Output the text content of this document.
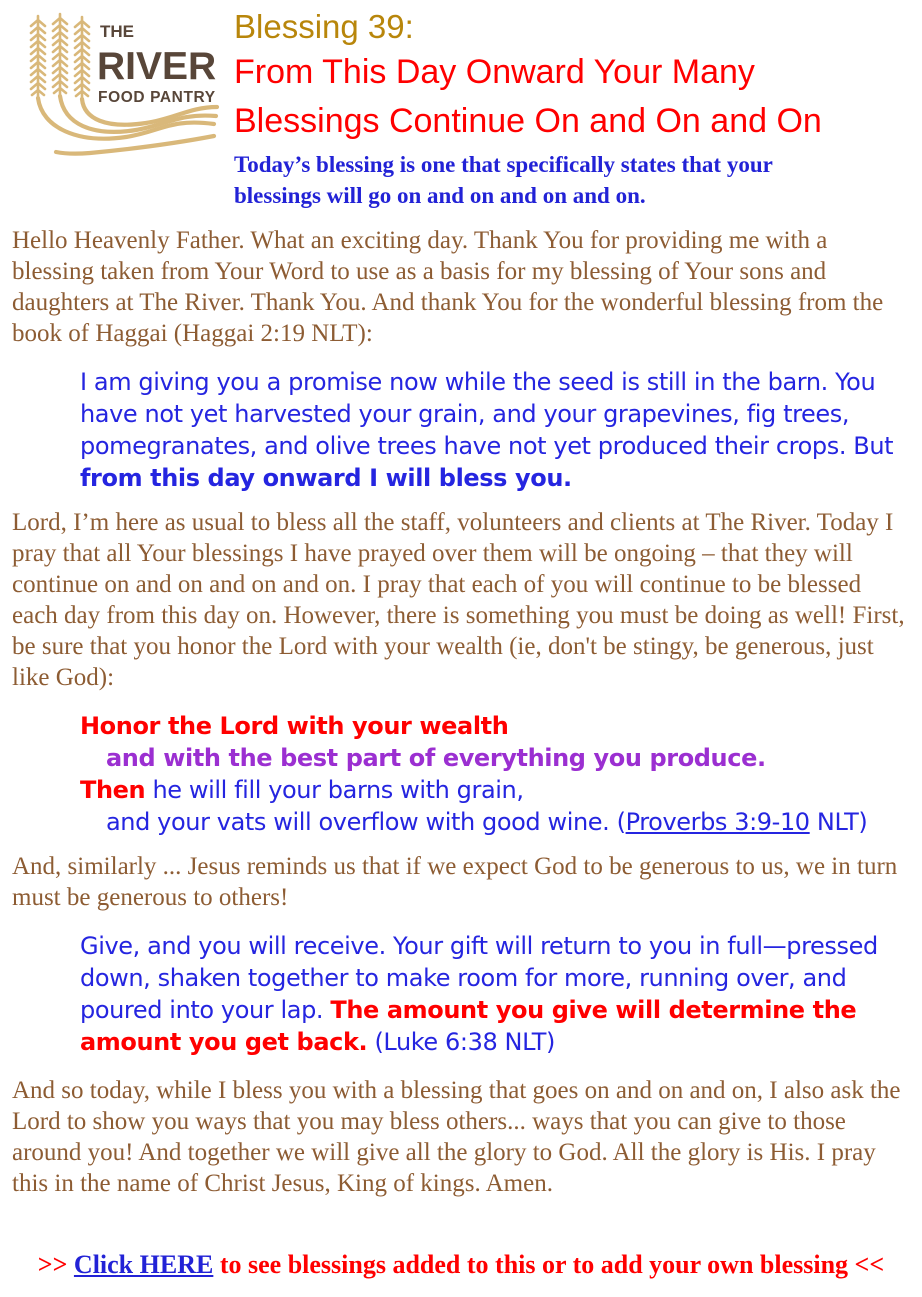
THE
RIVER
FOOD PANTRY
Blessing 39:
From This Day Onward Your Many
Blessings Continue On and On and On
Today’s blessing is one that specifically states that your
blessings will go on and on and on and on.

Hello Heavenly Father. What an exciting day. Thank You for providing me with a blessing taken from Your Word to use as a basis for my blessing of Your sons and daughters at The River. Thank You. And thank You for the wonderful blessing from the book of Haggai (Haggai 2:19 NLT):

I am giving you a promise now while the seed is still in the barn. You have not yet harvested your grain, and your grapevines, fig trees, pomegranates, and olive trees have not yet produced their crops. But from this day onward I will bless you.

Lord, I’m here as usual to bless all the staff, volunteers and clients at The River. Today I pray that all Your blessings I have prayed over them will be ongoing – that they will continue on and on and on and on. I pray that each of you will continue to be blessed each day from this day on. However, there is something you must be doing as well! First, be sure that you honor the Lord with your wealth (ie, don't be stingy, be generous, just like God):

Honor the Lord with your wealth
and with the best part of everything you produce.
Then he will fill your barns with grain,
and your vats will overflow with good wine. (Proverbs 3:9-10 NLT)

And, similarly ... Jesus reminds us that if we expect God to be generous to us, we in turn must be generous to others!

Give, and you will receive. Your gift will return to you in full—pressed down, shaken together to make room for more, running over, and poured into your lap. The amount you give will determine the amount you get back. (Luke 6:38 NLT)

And so today, while I bless you with a blessing that goes on and on and on, I also ask the Lord to show you ways that you may bless others... ways that you can give to those around you! And together we will give all the glory to God. All the glory is His. I pray this in the name of Christ Jesus, King of kings. Amen.

>> Click HERE to see blessings added to this or to add your own blessing <<
